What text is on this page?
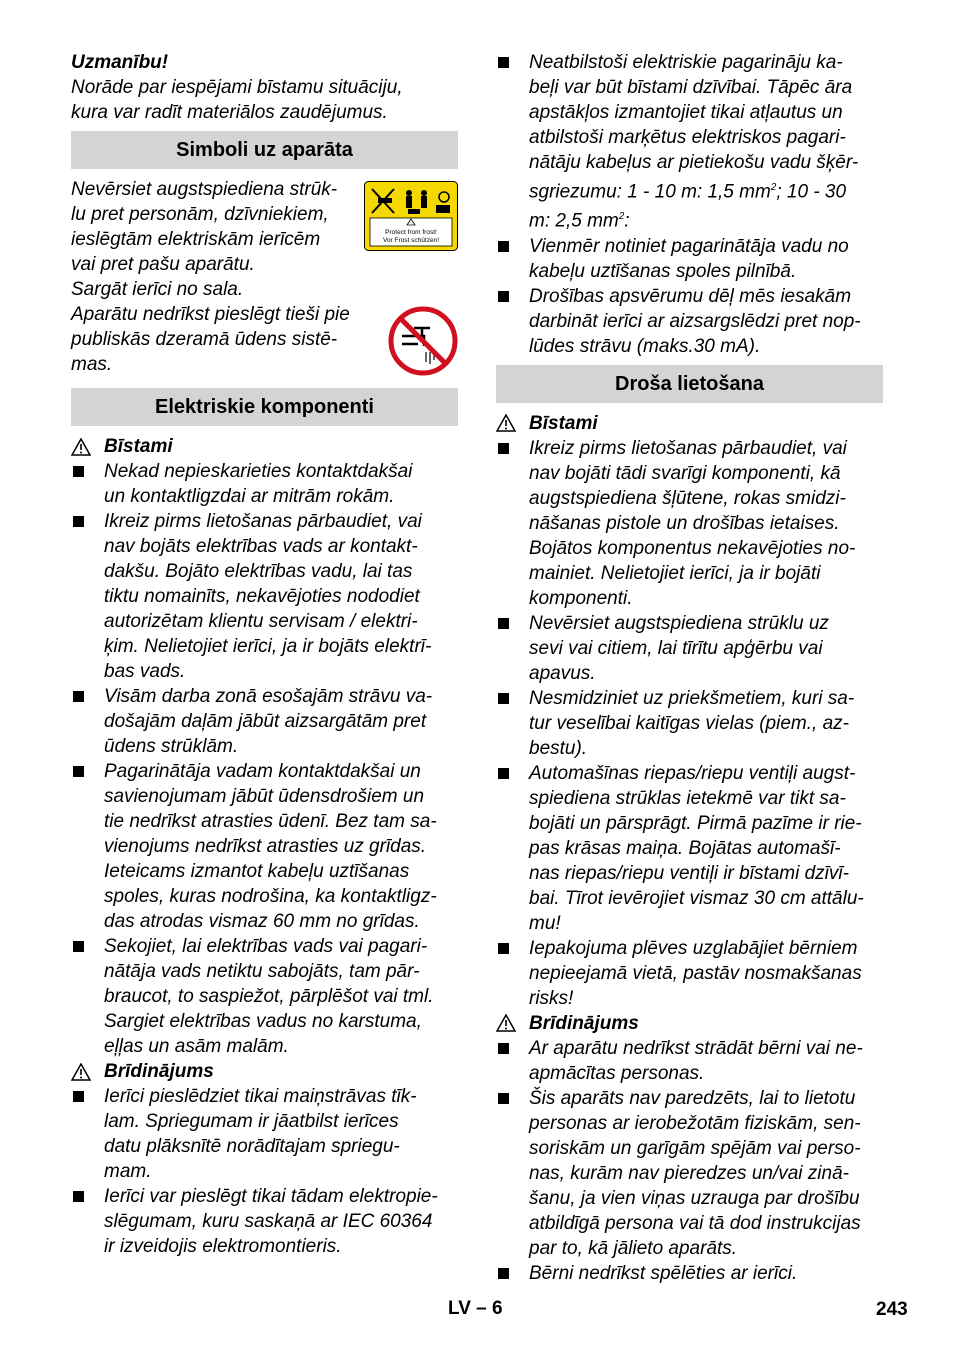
Uzmanību!
Norāde par iespējami bīstamu situāciju,
kura var radīt materiālos zaudējumus.
Simboli uz aparāta
Nevērsiet augstspiediena strūk-
lu pret personām, dzīvniekiem,
ieslēgtām elektriskām ierīcēm
vai pret pašu aparātu.
Sargāt ierīci no sala.
Protect from frost!
Vor Frost schützen!
Aparātu nedrīkst pieslēgt tieši pie
publiskās dzeramā ūdens sistē-
mas.
Elektriskie komponenti
Bīstami
Nekad nepieskarieties kontaktdakšai
un kontaktligzdai ar mitrām rokām.
Ikreiz pirms lietošanas pārbaudiet, vai
nav bojāts elektrības vads ar kontakt-
dakšu. Bojāto elektrības vadu, lai tas
tiktu nomainīts, nekavējoties nododiet
autorizētam klientu servisam / elektri-
ķim. Nelietojiet ierīci, ja ir bojāts elektrī-
bas vads.
Visām darba zonā esošajām strāvu va-
došajām daļām jābūt aizsargātām pret
ūdens strūklām.
Pagarinātāja vadam kontaktdakšai un
savienojumam jābūt ūdensdrošiem un
tie nedrīkst atrasties ūdenī. Bez tam sa-
vienojums nedrīkst atrasties uz grīdas.
Ieteicams izmantot kabeļu uztīšanas
spoles, kuras nodrošina, ka kontaktligz-
das atrodas vismaz 60 mm no grīdas.
Sekojiet, lai elektrības vads vai pagari-
nātāja vads netiktu sabojāts, tam pār-
braucot, to saspiežot, pārplēšot vai tml.
Sargiet elektrības vadus no karstuma,
eļļas un asām malām.
Brīdinājums
Ierīci pieslēdziet tikai maiņstrāvas tīk-
lam. Spriegumam ir jāatbilst ierīces
datu plāksnītē norādītajam spriegu-
mam.
Ierīci var pieslēgt tikai tādam elektropie-
slēgumam, kuru saskaņā ar IEC 60364
ir izveidojis elektromontieris.
Neatbilstoši elektriskie pagarināju ka-
beļi var būt bīstami dzīvībai. Tāpēc āra
apstākļos izmantojiet tikai atļautus un
atbilstoši marķētus elektriskos pagari-
nātāju kabeļus ar pietiekošu vadu šķēr-
sgriezumu: 1 - 10 m: 1,5 $mm^2$; 10 - 30
m: 2,5 $mm^2$:
Vienmēr notiniet pagarinātāja vadu no
kabeļu uztīšanas spoles pilnībā.
Drošības apsvērumu dēļ mēs iesakām
darbināt ierīci ar aizsargslēdzi pret nop-
lūdes strāvu (maks.30 mA).
Droša lietošana
Bīstami
Ikreiz pirms lietošanas pārbaudiet, vai
nav bojāti tādi svarīgi komponenti, kā
augstspiediena šļūtene, rokas smidzi-
nāšanas pistole un drošības ietaises.
Bojātos komponentus nekavējoties no-
mainiet. Nelietojiet ierīci, ja ir bojāti
komponenti.
Nevērsiet augstspiediena strūklu uz
sevi vai citiem, lai tīrītu apģērbu vai
apavus.
Nesmidziniet uz priekšmetiem, kuri sa-
tur veselībai kaitīgas vielas (piem., az-
bestu).
Automašīnas riepas/riepu ventiļi augst-
spiediena strūklas ietekmē var tikt sa-
bojāti un pārsprāgt. Pirmā pazīme ir rie-
pas krāsas maiņa. Bojātas automašī-
nas riepas/riepu ventiļi ir bīstami dzīvī-
bai. Tīrot ievērojiet vismaz 30 cm attālu-
mu!
Iepakojuma plēves uzglabājiet bērniem
nepieejamā vietā, pastāv nosmakšanas
risks!
Brīdinājums
Ar aparātu nedrīkst strādāt bērni vai ne-
apmācītas personas.
Šis aparāts nav paredzēts, lai to lietotu
personas ar ierobežotām fiziskām, sen-
soriskām un garīgām spējām vai perso-
nas, kurām nav pieredzes un/vai zinā-
šanu, ja vien viņas uzrauga par drošību
atbildīgā persona vai tā dod instrukcijas
par to, kā jālieto aparāts.
Bērni nedrīkst spēlēties ar ierīci.
LV – 6	243
